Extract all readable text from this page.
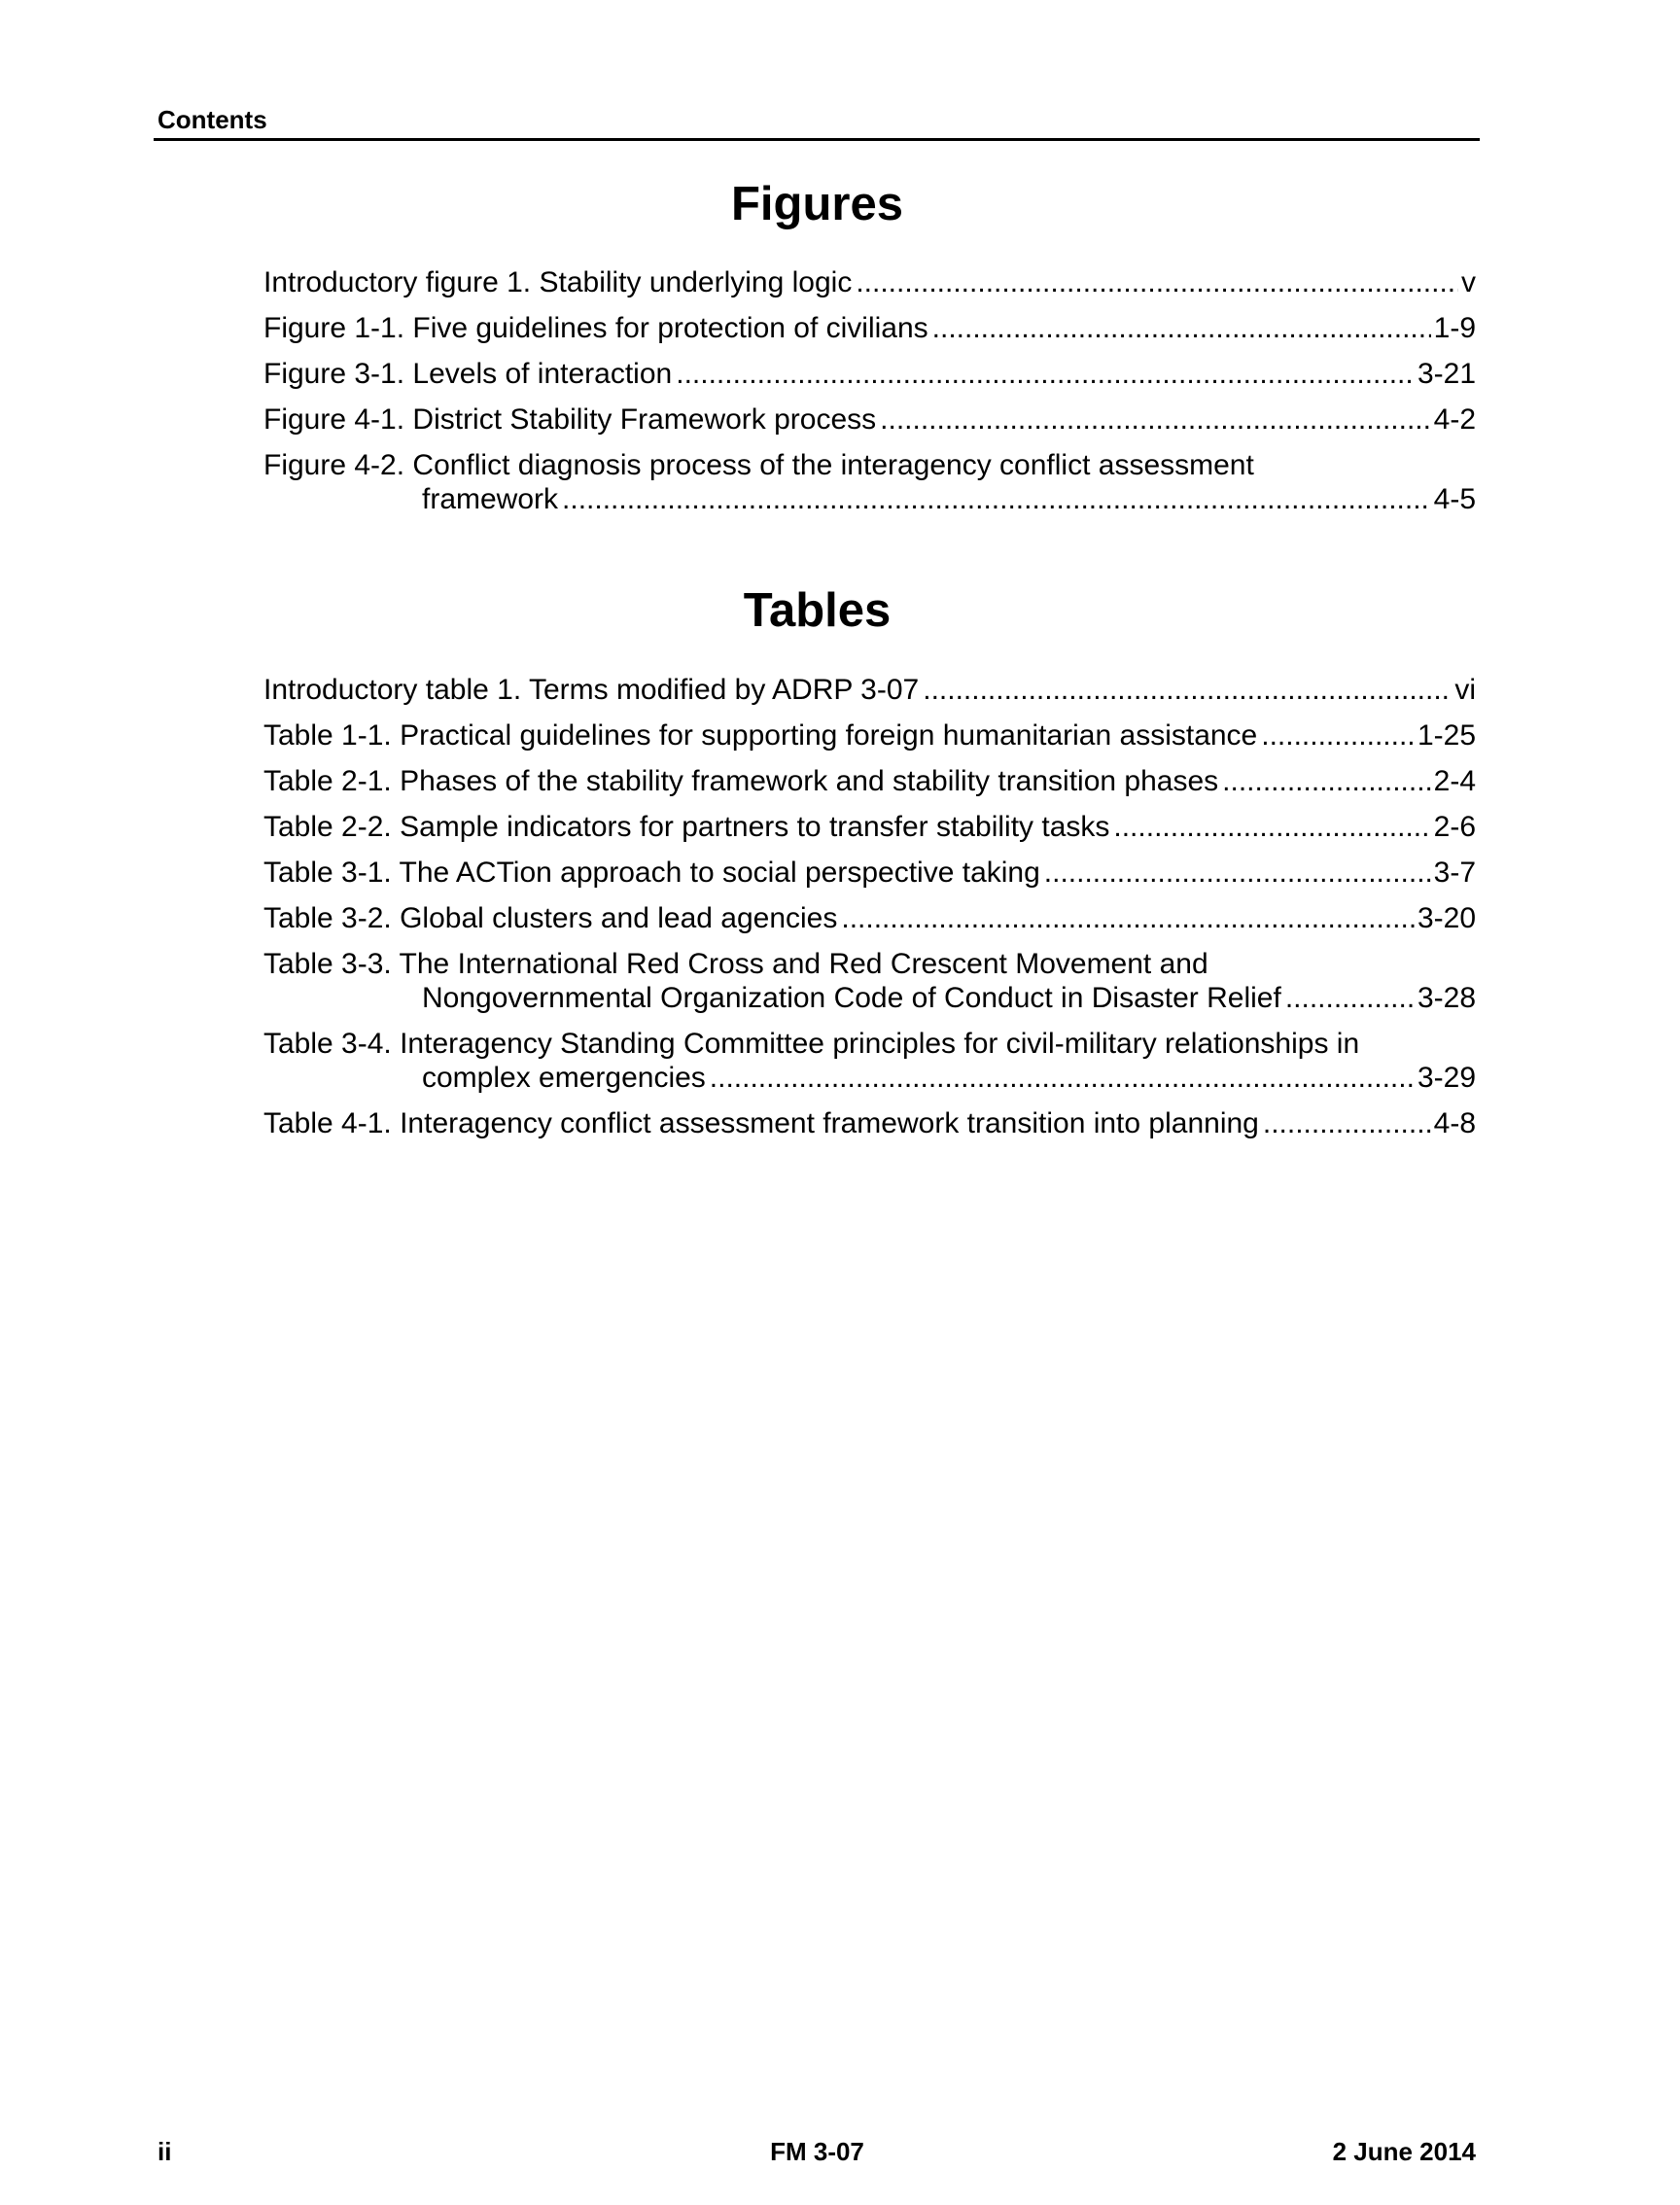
Contents
Figures
Introductory figure 1. Stability underlying logic .....	v
Figure 1-1. Five guidelines for protection of civilians .....	1-9
Figure 3-1. Levels of interaction .....	3-21
Figure 4-1. District Stability Framework process .....	4-2
Figure 4-2. Conflict diagnosis process of the interagency conflict assessment
framework .....	4-5
Tables
Introductory table 1. Terms modified by ADRP 3-07 .....	vi
Table 1-1. Practical guidelines for supporting foreign humanitarian assistance .....	1-25
Table 2-1. Phases of the stability framework and stability transition phases .....	2-4
Table 2-2. Sample indicators for partners to transfer stability tasks .....	2-6
Table 3-1. The ACTion approach to social perspective taking .....	3-7
Table 3-2. Global clusters and lead agencies .....	3-20
Table 3-3. The International Red Cross and Red Crescent Movement and
Nongovernmental Organization Code of Conduct in Disaster Relief .....	3-28
Table 3-4. Interagency Standing Committee principles for civil-military relationships in
complex emergencies .....	3-29
Table 4-1. Interagency conflict assessment framework transition into planning .....	4-8
ii	FM 3-07	2 June 2014
